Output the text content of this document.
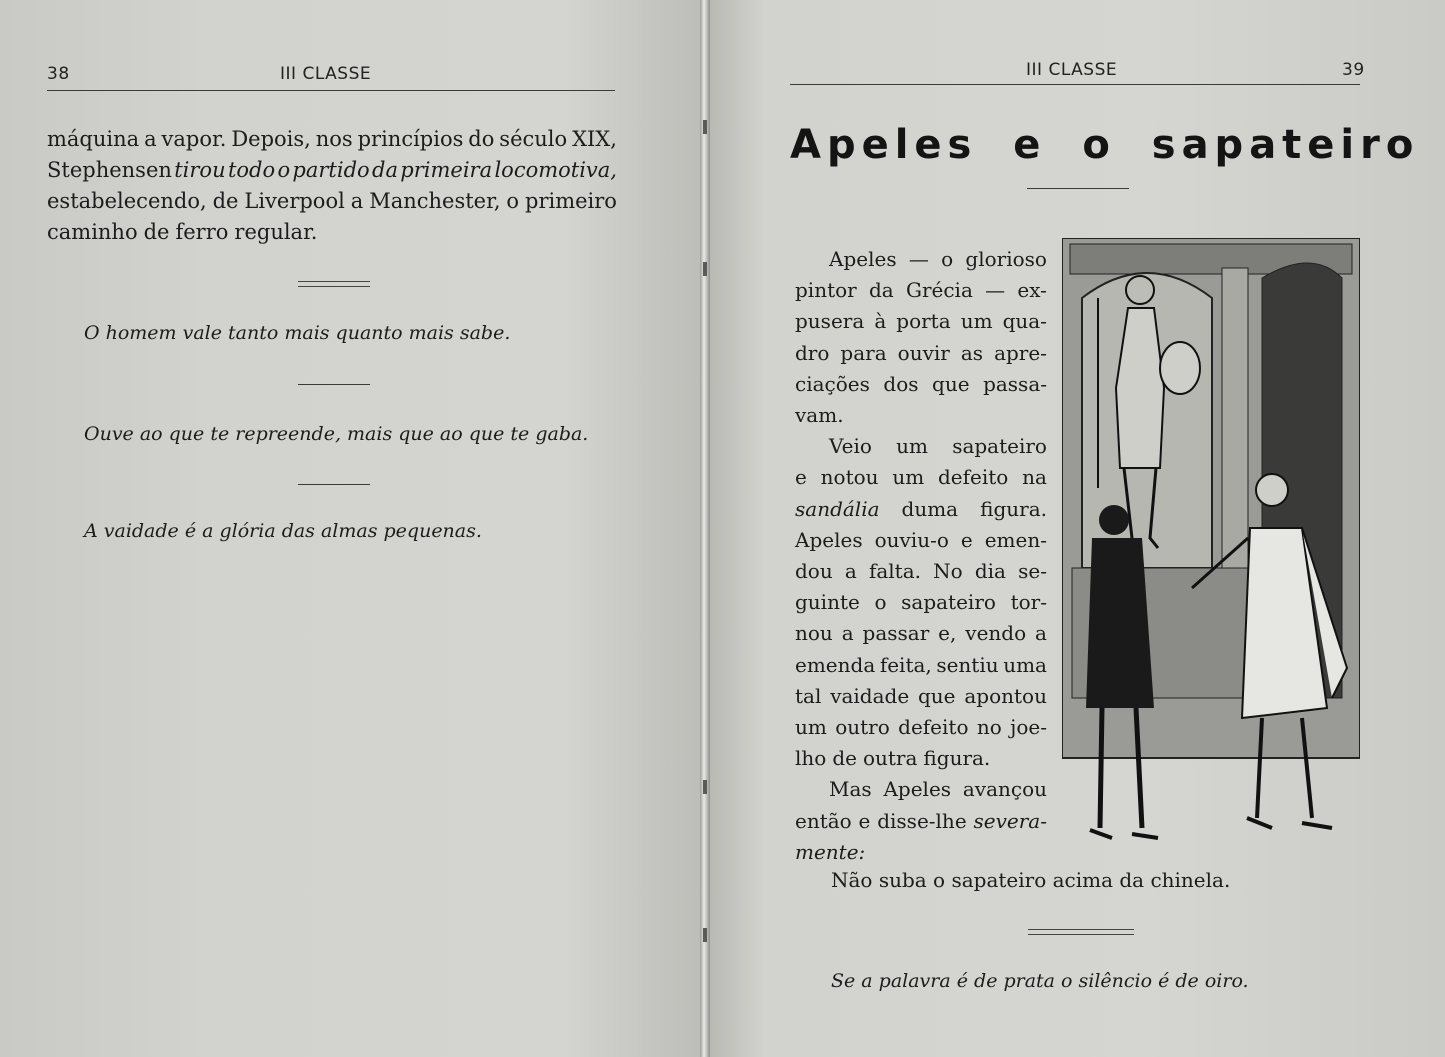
38	III CLASSE
máquina a vapor. Depois, nos princípios do século XIX,
Stephensen tirou todo o partido da primeira locomotiva,
estabelecendo, de Liverpool a Manchester, o primeiro
caminho de ferro regular.
O homem vale tanto mais quanto mais sabe.
Ouve ao que te repreende, mais que ao que te gaba.
A vaidade é a glória das almas pequenas.
III CLASSE	39
Apeles e o sapateiro
Apeles — o glorioso
pintor da Grécia — ex-
pusera à porta um qua-
dro para ouvir as apre-
ciações dos que passa-
vam.
Veio um sapateiro
e notou um defeito na
sandália duma figura.
Apeles ouviu-o e emen-
dou a falta. No dia se-
guinte o sapateiro tor-
nou a passar e, vendo a
emenda feita, sentiu uma
tal vaidade que apontou
um outro defeito no joe-
lho de outra figura.
Mas Apeles avançou
então e disse-lhe severa-
mente:
Não suba o sapateiro acima da chinela.
Se a palavra é de prata o silêncio é de oiro.
